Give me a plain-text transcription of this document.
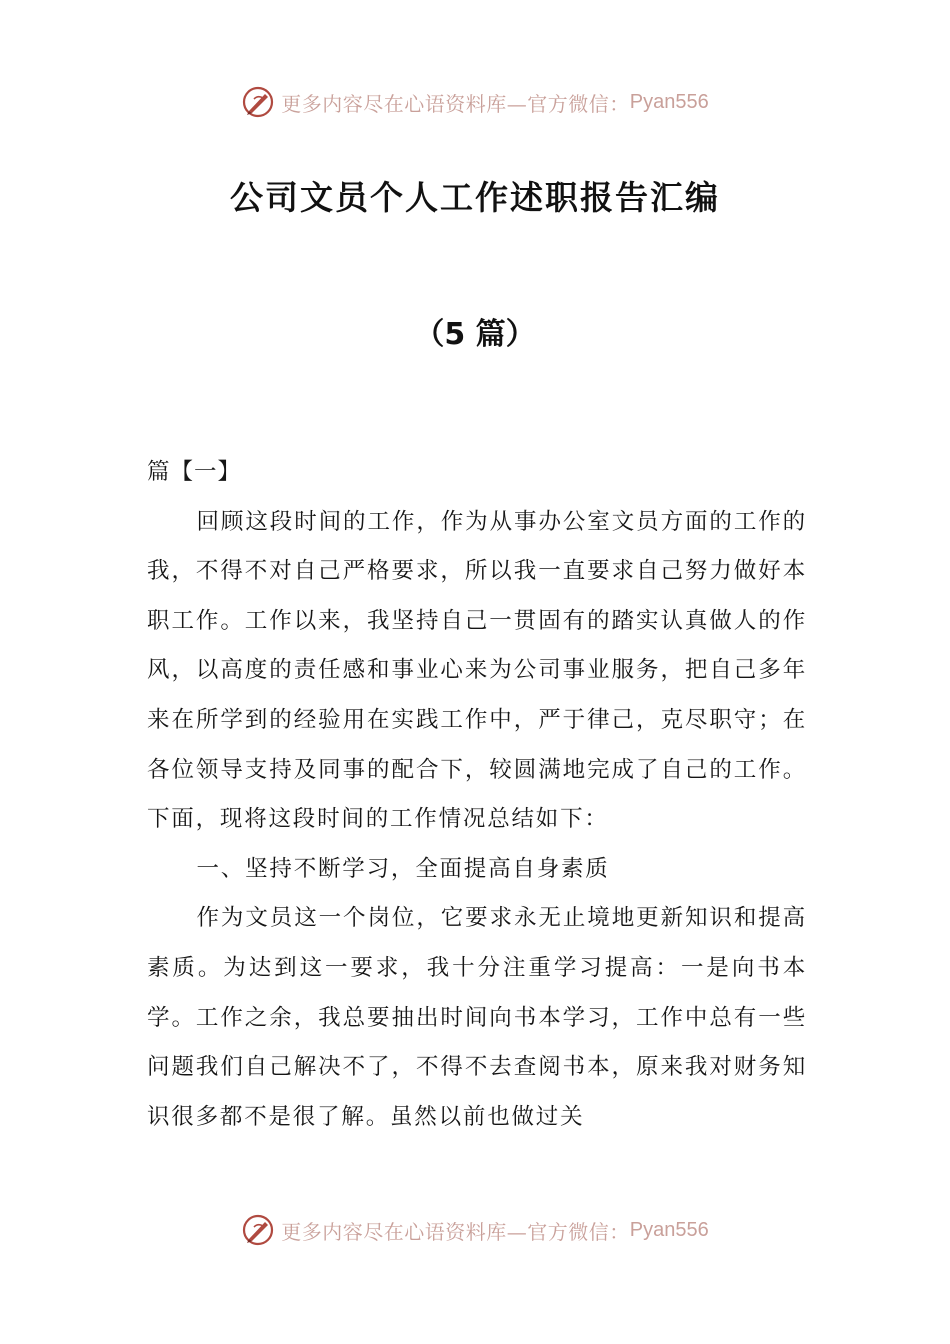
更多内容尽在心语资料库—官方微信： Pyan556
公司文员个人工作述职报告汇编
（5 篇）

篇【一】

回顾这段时间的工作，作为从事办公室文员方面的工作的我，不得不对自己严格要求，所以我一直要求自己努力做好本职工作。工作以来，我坚持自己一贯固有的踏实认真做人的作风，以高度的责任感和事业心来为公司事业服务，把自己多年来在所学到的经验用在实践工作中，严于律己，克尽职守；在各位领导支持及同事的配合下，较圆满地完成了自己的工作。下面，现将这段时间的工作情况总结如下：

一、坚持不断学习，全面提高自身素质

作为文员这一个岗位，它要求永无止境地更新知识和提高素质。为达到这一要求，我十分注重学习提高：一是向书本学。工作之余，我总要抽出时间向书本学习，工作中总有一些问题我们自己解决不了，不得不去查阅书本，原来我对财务知识很多都不是很了解。虽然以前也做过关

更多内容尽在心语资料库—官方微信： Pyan556
